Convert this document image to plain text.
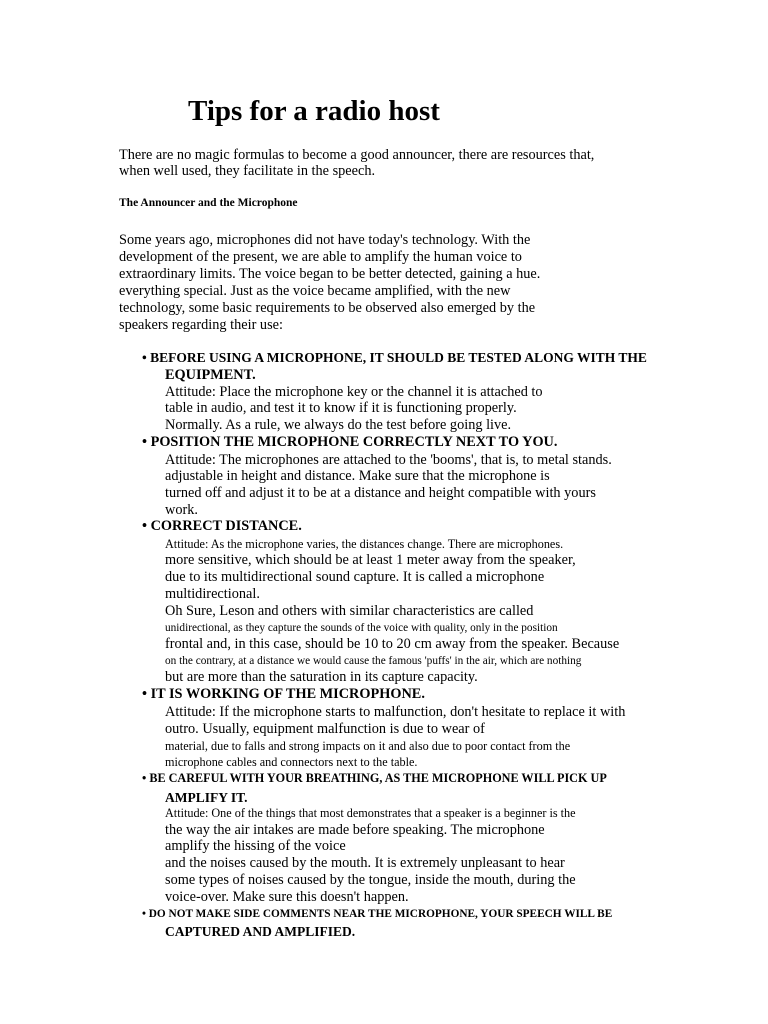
Tips for a radio host
There are no magic formulas to become a good announcer, there are resources that,
when well used, they facilitate in the speech.
The Announcer and the Microphone
Some years ago, microphones did not have today's technology. With the
development of the present, we are able to amplify the human voice to
extraordinary limits. The voice began to be better detected, gaining a hue.
everything special. Just as the voice became amplified, with the new
technology, some basic requirements to be observed also emerged by the
speakers regarding their use:
• BEFORE USING A MICROPHONE, IT SHOULD BE TESTED ALONG WITH THE
EQUIPMENT.
Attitude: Place the microphone key or the channel it is attached to
table in audio, and test it to know if it is functioning properly.
Normally. As a rule, we always do the test before going live.
• POSITION THE MICROPHONE CORRECTLY NEXT TO YOU.
Attitude: The microphones are attached to the 'booms', that is, to metal stands.
adjustable in height and distance. Make sure that the microphone is
turned off and adjust it to be at a distance and height compatible with yours
work.
• CORRECT DISTANCE.
Attitude: As the microphone varies, the distances change. There are microphones.
more sensitive, which should be at least 1 meter away from the speaker,
due to its multidirectional sound capture. It is called a microphone
multidirectional.
Oh Sure, Leson and others with similar characteristics are called
unidirectional, as they capture the sounds of the voice with quality, only in the position
frontal and, in this case, should be 10 to 20 cm away from the speaker. Because
on the contrary, at a distance we would cause the famous 'puffs' in the air, which are nothing
but are more than the saturation in its capture capacity.
• IT IS WORKING OF THE MICROPHONE.
Attitude: If the microphone starts to malfunction, don't hesitate to replace it with
outro. Usually, equipment malfunction is due to wear of
material, due to falls and strong impacts on it and also due to poor contact from the
microphone cables and connectors next to the table.
• BE CAREFUL WITH YOUR BREATHING, AS THE MICROPHONE WILL PICK UP
AMPLIFY IT.
Attitude: One of the things that most demonstrates that a speaker is a beginner is the
the way the air intakes are made before speaking. The microphone
amplify the hissing of the voice
and the noises caused by the mouth. It is extremely unpleasant to hear
some types of noises caused by the tongue, inside the mouth, during the
voice-over. Make sure this doesn't happen.
• DO NOT MAKE SIDE COMMENTS NEAR THE MICROPHONE, YOUR SPEECH WILL BE
CAPTURED AND AMPLIFIED.
